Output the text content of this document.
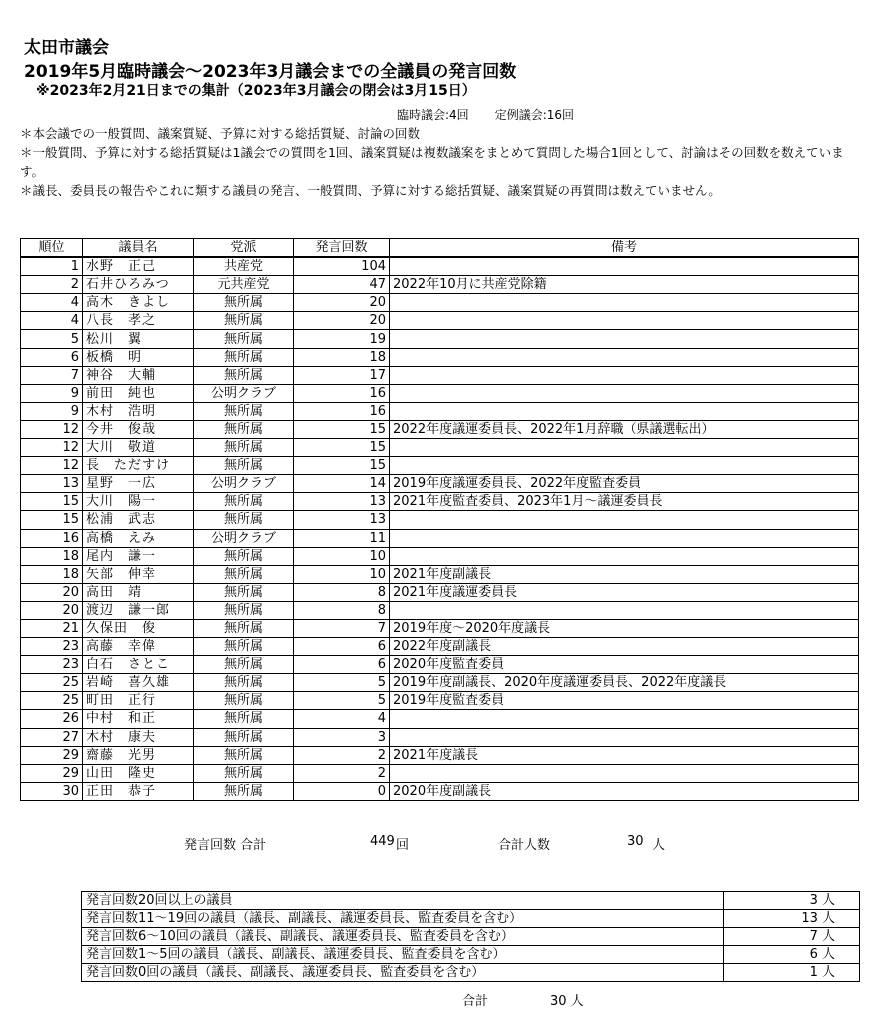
太田市議会
2019年5月臨時議会〜2023年3月議会までの全議員の発言回数
※2023年2月21日までの集計（2023年3月議会の閉会は3月15日）
臨時議会:4回 定例議会:16回

＊本会議での一般質問、議案質疑、予算に対する総括質疑、討論の回数

＊一般質問、予算に対する総括質疑は1議会での質問を1回、議案質疑は複数議案をまとめて質問した場合1回として、討論はその回数を数えています。

＊議長、委員長の報告やこれに類する議員の発言、一般質問、予算に対する総括質疑、議案質疑の再質問は数えていません。

順位	議員名	党派	発言回数	備考
1	水野　正己	共産党	104	
2	石井ひろみつ	元共産党	47	2022年10月に共産党除籍
4	高木　きよし	無所属	20	
4	八長　孝之	無所属	20	
5	松川　翼	無所属	19	
6	板橋　明	無所属	18	
7	神谷　大輔	無所属	17	
9	前田　純也	公明クラブ	16	
9	木村　浩明	無所属	16	
12	今井　俊哉	無所属	15	2022年度議運委員長、2022年1月辞職（県議選転出）
12	大川　敬道	無所属	15	
12	長　ただすけ	無所属	15	
13	星野　一広	公明クラブ	14	2019年度議運委員長、2022年度監査委員
15	大川　陽一	無所属	13	2021年度監査委員、2023年1月〜議運委員長
15	松浦　武志	無所属	13	
16	高橋　えみ	公明クラブ	11	
18	尾内　謙一	無所属	10	
18	矢部　伸幸	無所属	10	2021年度副議長
20	高田　靖	無所属	8	2021年度議運委員長
20	渡辺　謙一郎	無所属	8	
21	久保田　俊	無所属	7	2019年度〜2020年度議長
23	高藤　幸偉	無所属	6	2022年度副議長
23	白石　さとこ	無所属	6	2020年度監査委員
25	岩崎　喜久雄	無所属	5	2019年度副議長、2020年度議運委員長、2022年度議長
25	町田　正行	無所属	5	2019年度監査委員
26	中村　和正	無所属	4	
27	木村　康夫	無所属	3	
29	齋藤　光男	無所属	2	2021年度議長
29	山田　隆史	無所属	2	
30	正田　恭子	無所属	0	2020年度副議長
発言回数 合計	449 回	合計人数	30 人
発言回数20回以上の議員	3 人
発言回数11〜19回の議員（議長、副議長、議運委員長、監査委員を含む）	13 人
発言回数6〜10回の議員（議長、副議長、議運委員長、監査委員を含む）	7 人
発言回数1〜5回の議員（議長、副議長、議運委員長、監査委員を含む）	6 人
発言回数0回の議員（議長、副議長、議運委員長、監査委員を含む）	1 人
合計	30 人
